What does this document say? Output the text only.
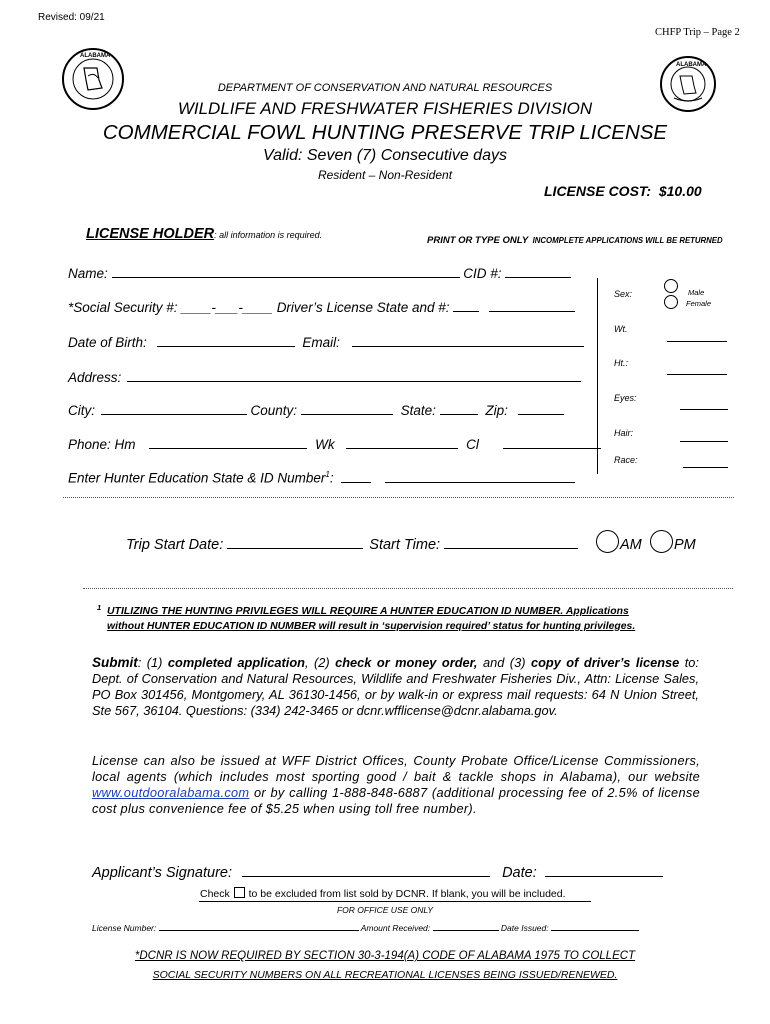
Revised: 09/21
CHFP Trip – Page 2
ALABAMA
ALABAMA
DEPARTMENT OF CONSERVATION AND NATURAL RESOURCES
WILDLIFE AND FRESHWATER FISHERIES DIVISION
COMMERCIAL FOWL HUNTING PRESERVE TRIP LICENSE
Valid: Seven (7) Consecutive days
Resident – Non-Resident
LICENSE COST: $10.00
LICENSE HOLDER: all information is required.	PRINT OR TYPE ONLY INCOMPLETE APPLICATIONS WILL BE RETURNED
Name:	CID #:
*Social Security #: ____-___-____ Driver’s License State and #:
Date of Birth:	Email:
Address:
City:	County:	State:	Zip:
Phone: Hm	Wk	Cl
Enter Hunter Education State & ID Number$^1$:
Sex:	Male
Female
Wt.
Ht.:
Eyes:
Hair:
Race:
Trip Start Date:	Start Time:	AM PM
1 UTILIZING THE HUNTING PRIVILEGES WILL REQUIRE A HUNTER EDUCATION ID NUMBER. Applications
without HUNTER EDUCATION ID NUMBER will result in ‘supervision required’ status for hunting privileges.
Submit: (1) completed application, (2) check or money order, and (3) copy of driver’s license to: Dept. of Conservation and Natural Resources, Wildlife and Freshwater Fisheries Div., Attn: License Sales, PO Box 301456, Montgomery, AL 36130-1456, or by walk-in or express mail requests: 64 N Union Street, Ste 567, 36104. Questions: (334) 242-3465 or dcnr.wfflicense@dcnr.alabama.gov.
License can also be issued at WFF District Offices, County Probate Office/License Commissioners, local agents (which includes most sporting good / bait & tackle shops in Alabama), our website www.outdooralabama.com or by calling 1-888-848-6887 (additional processing fee of 2.5% of license cost plus convenience fee of $5.25 when using toll free number).
Applicant’s Signature:	Date:
Check to be excluded from list sold by DCNR. If blank, you will be included.
FOR OFFICE USE ONLY
License Number:	Amount Received:	Date Issued:
*DCNR IS NOW REQUIRED BY SECTION 30-3-194(A) CODE OF ALABAMA 1975 TO COLLECT
SOCIAL SECURITY NUMBERS ON ALL RECREATIONAL LICENSES BEING ISSUED/RENEWED.
